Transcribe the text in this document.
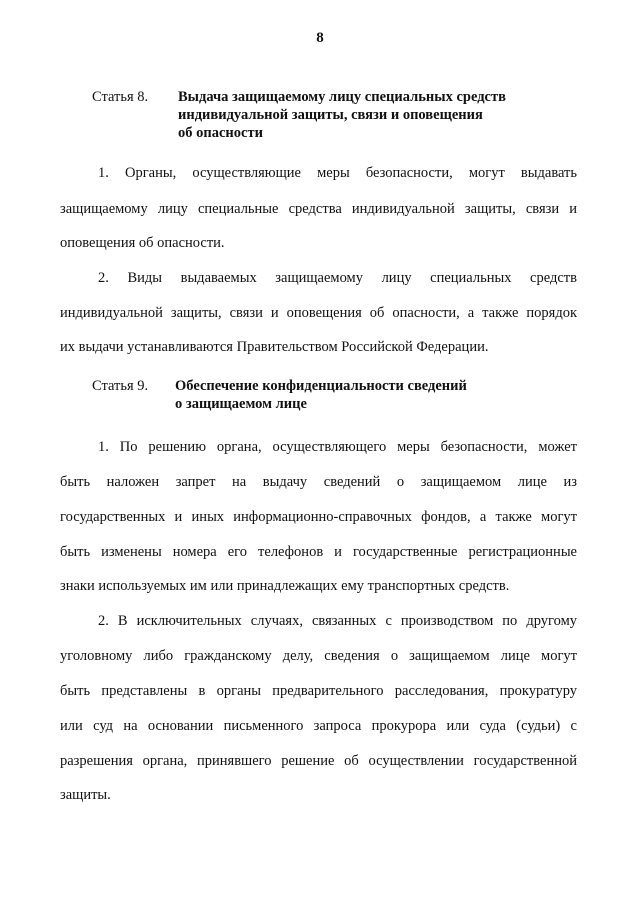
8
Статья 8. Выдача защищаемому лицу специальных средств
индивидуальной защиты, связи и оповещения
об опасности
1. Органы, осуществляющие меры безопасности, могут выдавать
защищаемому лицу специальные средства индивидуальной защиты, связи и
оповещения об опасности.
2. Виды выдаваемых защищаемому лицу специальных средств
индивидуальной защиты, связи и оповещения об опасности, а также порядок
их выдачи устанавливаются Правительством Российской Федерации.
Статья 9. Обеспечение конфиденциальности сведений
о защищаемом лице
1. По решению органа, осуществляющего меры безопасности, может
быть наложен запрет на выдачу сведений о защищаемом лице из
государственных и иных информационно-справочных фондов, а также могут
быть изменены номера его телефонов и государственные регистрационные
знаки используемых им или принадлежащих ему транспортных средств.
2. В исключительных случаях, связанных с производством по другому
уголовному либо гражданскому делу, сведения о защищаемом лице могут
быть представлены в органы предварительного расследования, прокуратуру
или суд на основании письменного запроса прокурора или суда (судьи) с
разрешения органа, принявшего решение об осуществлении государственной
защиты.
